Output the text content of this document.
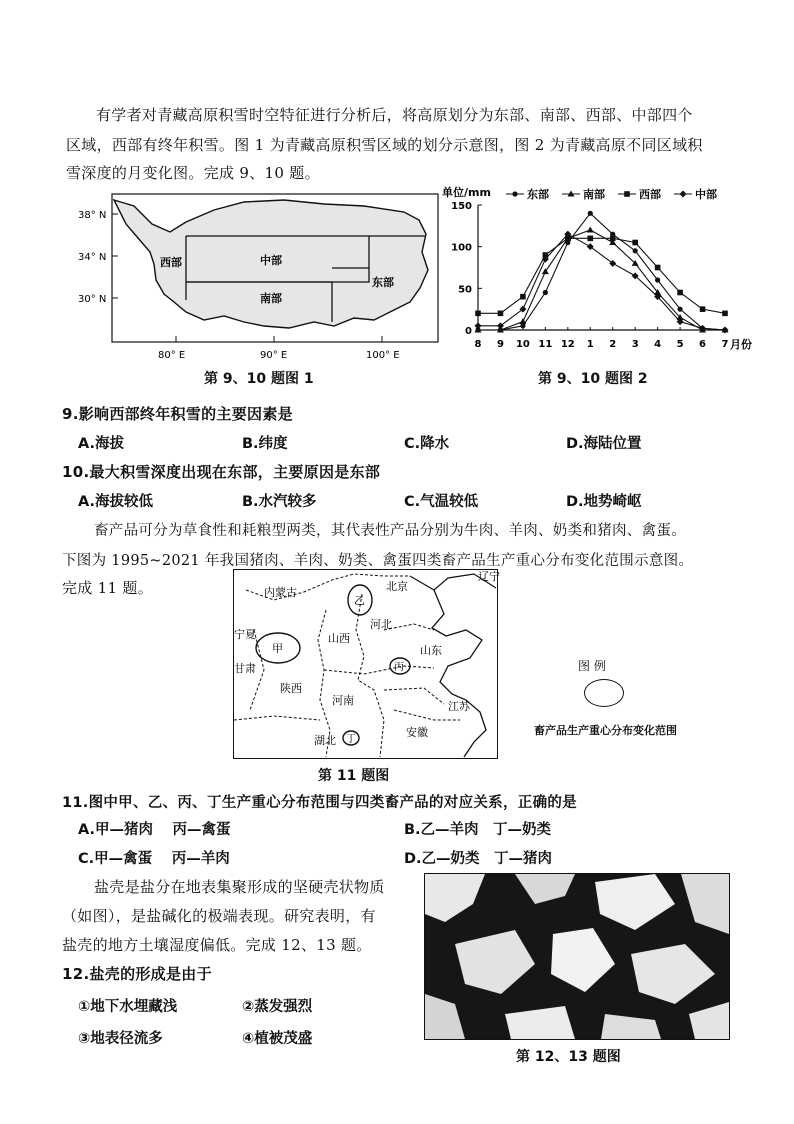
有学者对青藏高原积雪时空特征进行分析后，将高原划分为东部、南部、西部、中部四个
区域，西部有终年积雪。图 1 为青藏高原积雪区域的划分示意图，图 2 为青藏高原不同区域积
雪深度的月变化图。完成 9、10 题。
西部	中部
南部
东部
38° N
34° N
30° N
80° E	90° E	100° E
第 9、10 题图 1
单位/mm	东部	南部	西部	中部
0
50
100
150
8 9 10 11 12 1 2 3 4 5 6 7 月份
第 9、10 题图 2
9.影响西部终年积雪的主要因素是
A.海拔	B.纬度	C.降水	D.海陆位置
10.最大积雪深度出现在东部，主要原因是东部
A.海拔较低	B.水汽较多	C.气温较低	D.地势崎岖
畜产品可分为草食性和耗粮型两类，其代表性产品分别为牛肉、羊肉、奶类和猪肉、禽蛋。
下图为 1995~2021 年我国猪肉、羊肉、奶类、禽蛋四类畜产品生产重心分布变化范围示意图。
完成 11 题。	内蒙古	北京
辽宁
宁夏	山西
河北
甘肃
山东
陕西
河南	江苏
湖北
安徽
甲
乙
丙
丁
图 例
畜产品生产重心分布变化范围
第 11 题图
11.图中甲、乙、丙、丁生产重心分布范围与四类畜产品的对应关系，正确的是
A.甲—猪肉　 丙—禽蛋	B.乙—羊肉　丁—奶类
C.甲—禽蛋　 丙—羊肉	D.乙—奶类　丁—猪肉
盐壳是盐分在地表集聚形成的坚硬壳状物质
（如图），是盐碱化的极端表现。研究表明，有
盐壳的地方土壤湿度偏低。完成 12、13 题。
12.盐壳的形成是由于
①地下水埋藏浅	②蒸发强烈
③地表径流多	④植被茂盛
第 12、13 题图
